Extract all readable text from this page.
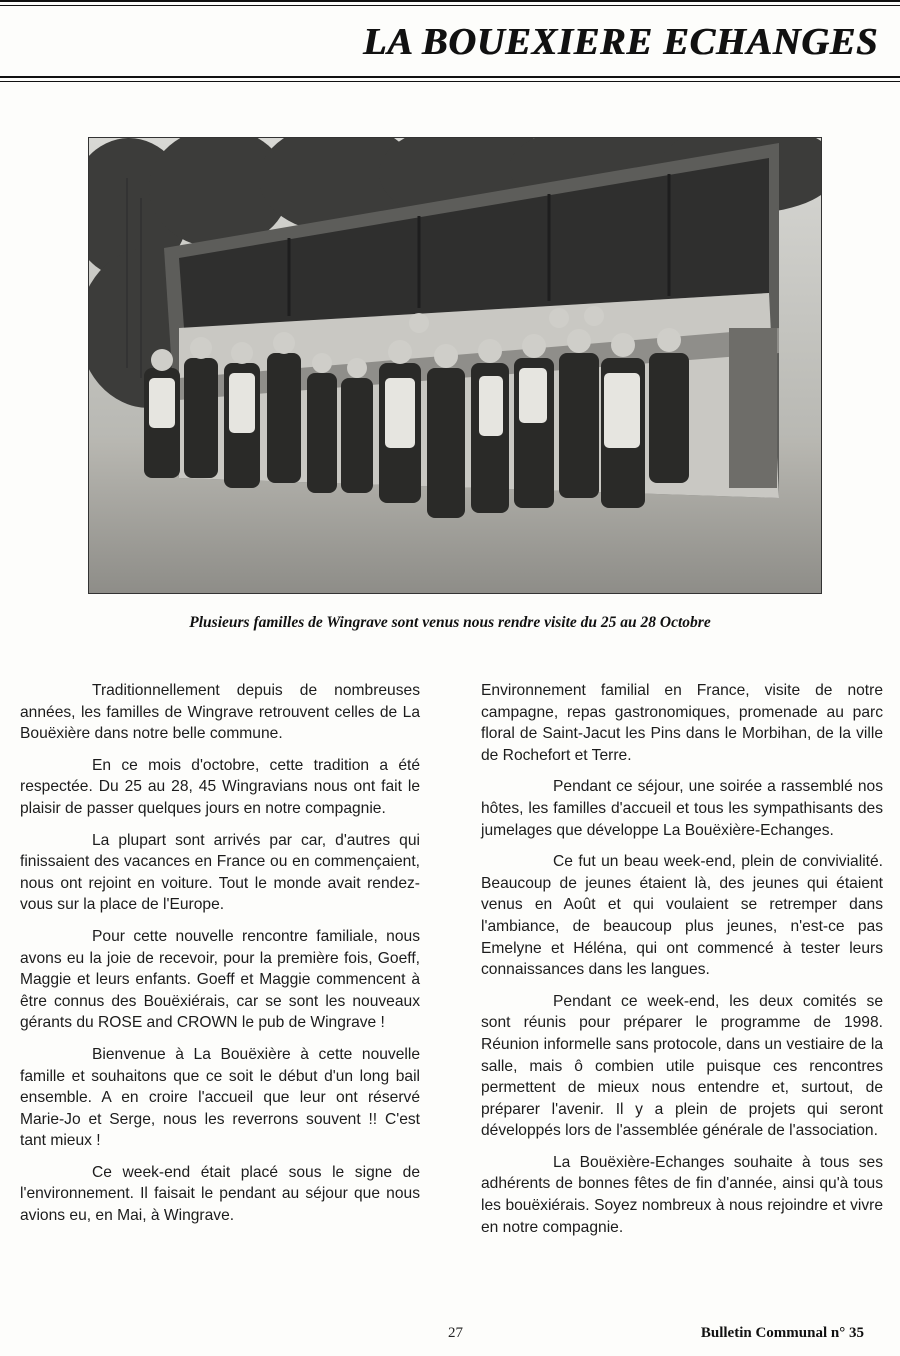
LA BOUEXIERE ECHANGES
Plusieurs familles de Wingrave sont venus nous rendre visite du 25 au 28 Octobre

Traditionnellement depuis de nombreuses années, les familles de Wingrave retrouvent celles de La Bouëxière dans notre belle commune.

En ce mois d'octobre, cette tradition a été respectée. Du 25 au 28, 45 Wingravians nous ont fait le plaisir de passer quelques jours en notre compagnie.

La plupart sont arrivés par car, d'autres qui finissaient des vacances en France ou en commençaient, nous ont rejoint en voiture. Tout le monde avait rendez-vous sur la place de l'Europe.

Pour cette nouvelle rencontre familiale, nous avons eu la joie de recevoir, pour la première fois, Goeff, Maggie et leurs enfants. Goeff et Maggie commencent à être connus des Bouëxiérais, car se sont les nouveaux gérants du ROSE and CROWN le pub de Wingrave !

Bienvenue à La Bouëxière à cette nouvelle famille et souhaitons que ce soit le début d'un long bail ensemble. A en croire l'accueil que leur ont réservé Marie-Jo et Serge, nous les reverrons souvent !! C'est tant mieux !

Ce week-end était placé sous le signe de l'environnement. Il faisait le pendant au séjour que nous avions eu, en Mai, à Wingrave.

Environnement familial en France, visite de notre campagne, repas gastronomiques, promenade au parc floral de Saint-Jacut les Pins dans le Morbihan, de la ville de Rochefort et Terre.

Pendant ce séjour, une soirée a rassemblé nos hôtes, les familles d'accueil et tous les sympathisants des jumelages que développe La Bouëxière-Echanges.

Ce fut un beau week-end, plein de convivialité. Beaucoup de jeunes étaient là, des jeunes qui étaient venus en Août et qui voulaient se retremper dans l'ambiance, de beaucoup plus jeunes, n'est-ce pas Emelyne et Héléna, qui ont commencé à tester leurs connaissances dans les langues.

Pendant ce week-end, les deux comités se sont réunis pour préparer le programme de 1998. Réunion informelle sans protocole, dans un vestiaire de la salle, mais ô combien utile puisque ces rencontres permettent de mieux nous entendre et, surtout, de préparer l'avenir. Il y a plein de projets qui seront développés lors de l'assemblée générale de l'association.

La Bouëxière-Echanges souhaite à tous ses adhérents de bonnes fêtes de fin d'année, ainsi qu'à tous les bouëxiérais. Soyez nombreux à nous rejoindre et vivre en notre compagnie.

27	Bulletin Communal n° 35
